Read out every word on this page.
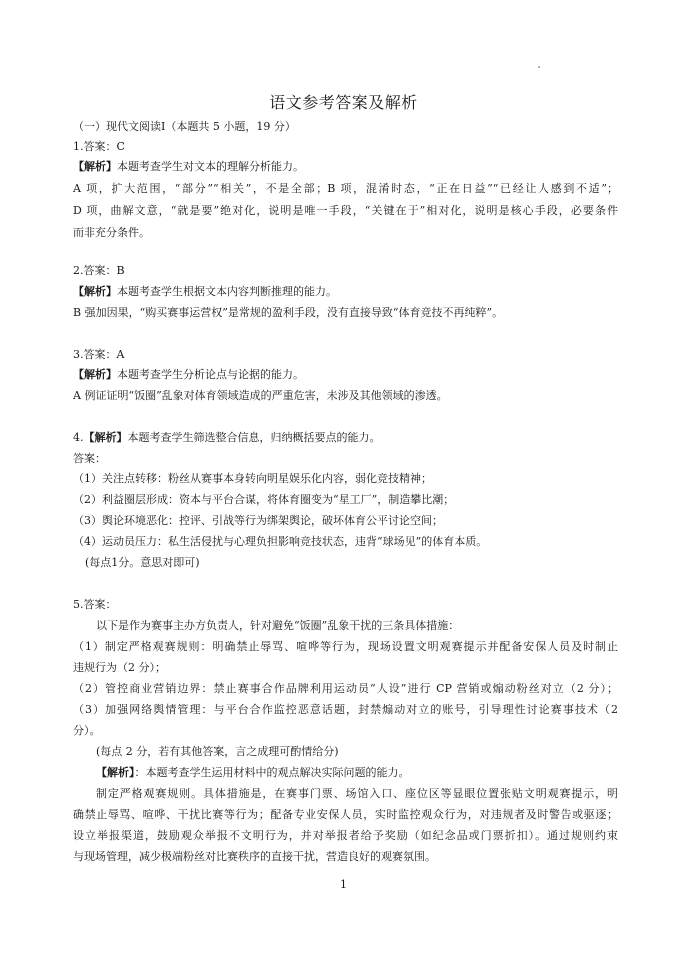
语文参考答案及解析
（一）现代文阅读Ⅰ（本题共 5 小题，19 分）
1.答案：C
【解析】本题考查学生对文本的理解分析能力。
A 项，扩大范围，“部分”“相关”，不是全部；B 项，混淆时态，“正在日益”“已经让人感到不适”；
D 项，曲解文意，“就是要”绝对化，说明是唯一手段，“关键在于”相对化，说明是核心手段，必要条件
而非充分条件。
2.答案：B
【解析】本题考查学生根据文本内容判断推理的能力。
B 强加因果，“购买赛事运营权”是常规的盈利手段，没有直接导致“体育竞技不再纯粹”。
3.答案：A
【解析】本题考查学生分析论点与论据的能力。
A 例证证明“饭圈”乱象对体育领域造成的严重危害，未涉及其他领域的渗透。
4.【解析】本题考查学生筛选整合信息，归纳概括要点的能力。
答案：
（1）关注点转移：粉丝从赛事本身转向明星娱乐化内容，弱化竞技精神；
（2）利益圈层形成：资本与平台合谋，将体育圈变为“星工厂”，制造攀比潮；
（3）舆论环境恶化：控评、引战等行为绑架舆论，破坏体育公平讨论空间；
（4）运动员压力：私生活侵扰与心理负担影响竞技状态，违背“球场见”的体育本质。
(每点1分。意思对即可)
5.答案：
以下是作为赛事主办方负责人，针对避免“饭圈”乱象干扰的三条具体措施：
（1）制定严格观赛规则：明确禁止辱骂、喧哗等行为，现场设置文明观赛提示并配备安保人员及时制止
违规行为（2 分）；
（2）管控商业营销边界：禁止赛事合作品牌利用运动员“人设”进行 CP 营销或煽动粉丝对立（2 分）；
（3）加强网络舆情管理：与平台合作监控恶意话题，封禁煽动对立的账号，引导理性讨论赛事技术（2
分）。
(每点 2 分，若有其他答案，言之成理可酌情给分)
【解析】：本题考查学生运用材料中的观点解决实际问题的能力。
制定严格观赛规则。具体措施是，在赛事门票、场馆入口、座位区等显眼位置张贴文明观赛提示，明
确禁止辱骂、喧哗、干扰比赛等行为；配备专业安保人员，实时监控观众行为，对违规者及时警告或驱逐；
设立举报渠道，鼓励观众举报不文明行为，并对举报者给予奖励（如纪念品或门票折扣）。通过规则约束
与现场管理，减少极端粉丝对比赛秩序的直接干扰，营造良好的观赛氛围。
1
